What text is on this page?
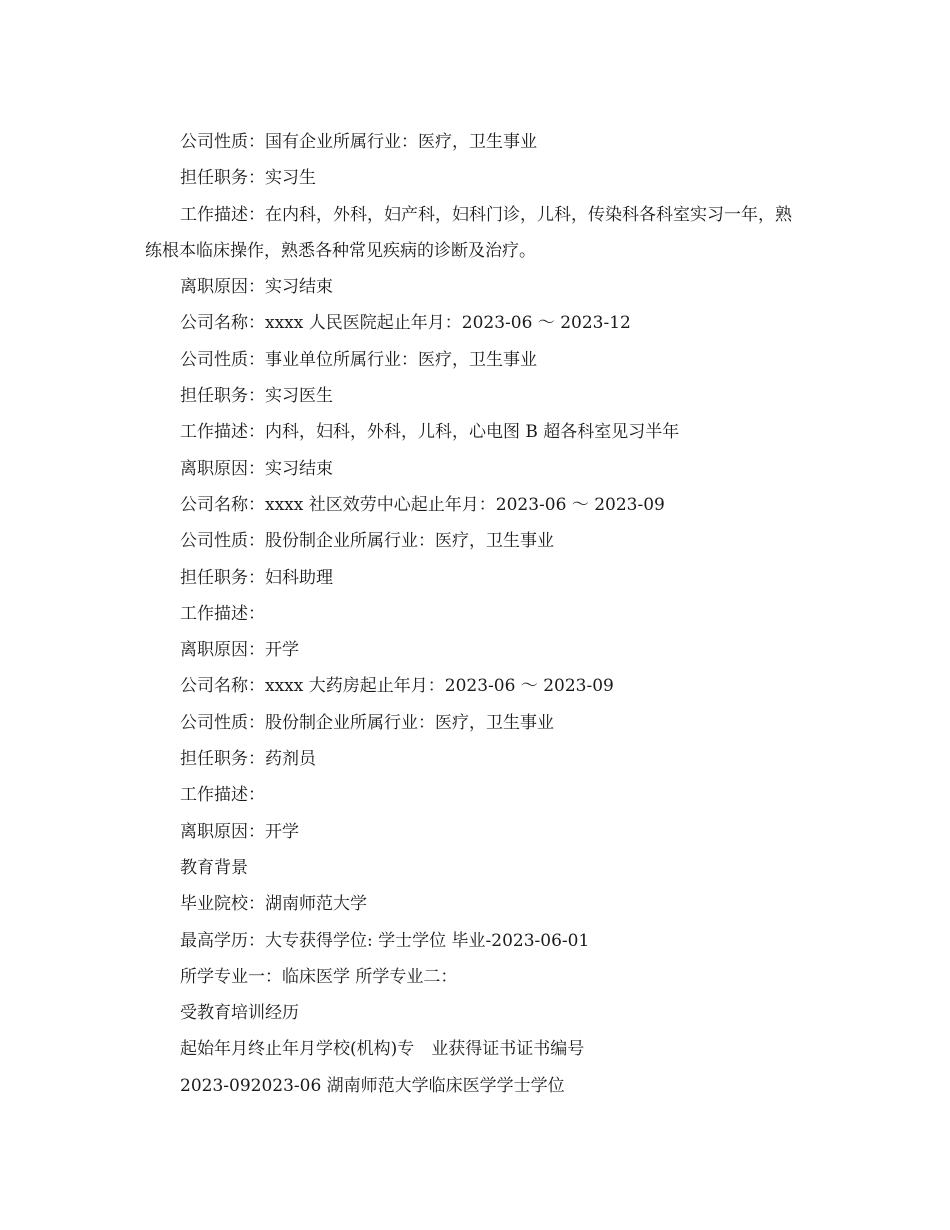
公司性质：国有企业所属行业：医疗，卫生事业
担任职务：实习生
工作描述：在内科，外科，妇产科，妇科门诊，儿科，传染科各科室实习一年，熟练根本临床操作，熟悉各种常见疾病的诊断及治疗。
离职原因：实习结束
公司名称：xxxx 人民医院起止年月：2023-06 ～ 2023-12
公司性质：事业单位所属行业：医疗，卫生事业
担任职务：实习医生
工作描述：内科，妇科，外科，儿科，心电图 B 超各科室见习半年
离职原因：实习结束
公司名称：xxxx 社区效劳中心起止年月：2023-06 ～ 2023-09
公司性质：股份制企业所属行业：医疗，卫生事业
担任职务：妇科助理
工作描述：
离职原因：开学
公司名称：xxxx 大药房起止年月：2023-06 ～ 2023-09
公司性质：股份制企业所属行业：医疗，卫生事业
担任职务：药剂员
工作描述：
离职原因：开学
教育背景
毕业院校：湖南师范大学
最高学历：大专获得学位: 学士学位 毕业-2023-06-01
所学专业一：临床医学 所学专业二：
受教育培训经历
起始年月终止年月学校(机构)专　业获得证书证书编号
2023-092023-06 湖南师范大学临床医学学士学位
